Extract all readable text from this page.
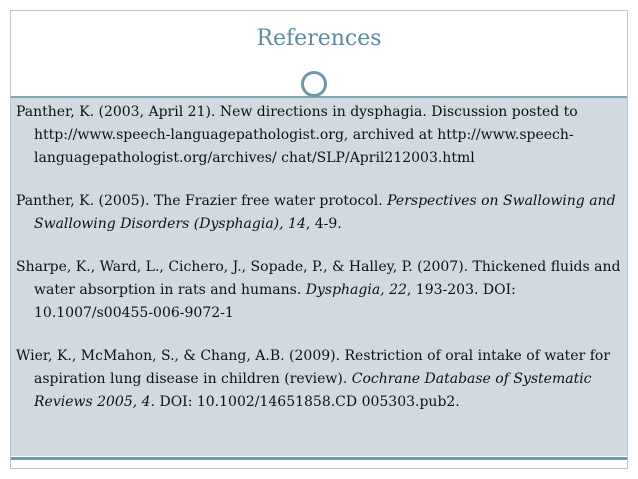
References

Panther, K. (2003, April 21). New directions in dysphagia. Discussion posted to http://www.speech-languagepathologist.org, archived at http://www.speech-languagepathologist.org/archives/ chat/SLP/April212003.html

Panther, K. (2005). The Frazier free water protocol. Perspectives on Swallowing and Swallowing Disorders (Dysphagia), 14, 4-9.

Sharpe, K., Ward, L., Cichero, J., Sopade, P., & Halley, P. (2007). Thickened fluids and water absorption in rats and humans. Dysphagia, 22, 193-203. DOI: 10.1007/s00455-006-9072-1

Wier, K., McMahon, S., & Chang, A.B. (2009). Restriction of oral intake of water for aspiration lung disease in children (review). Cochrane Database of Systematic Reviews 2005, 4. DOI: 10.1002/14651858.CD 005303.pub2.
